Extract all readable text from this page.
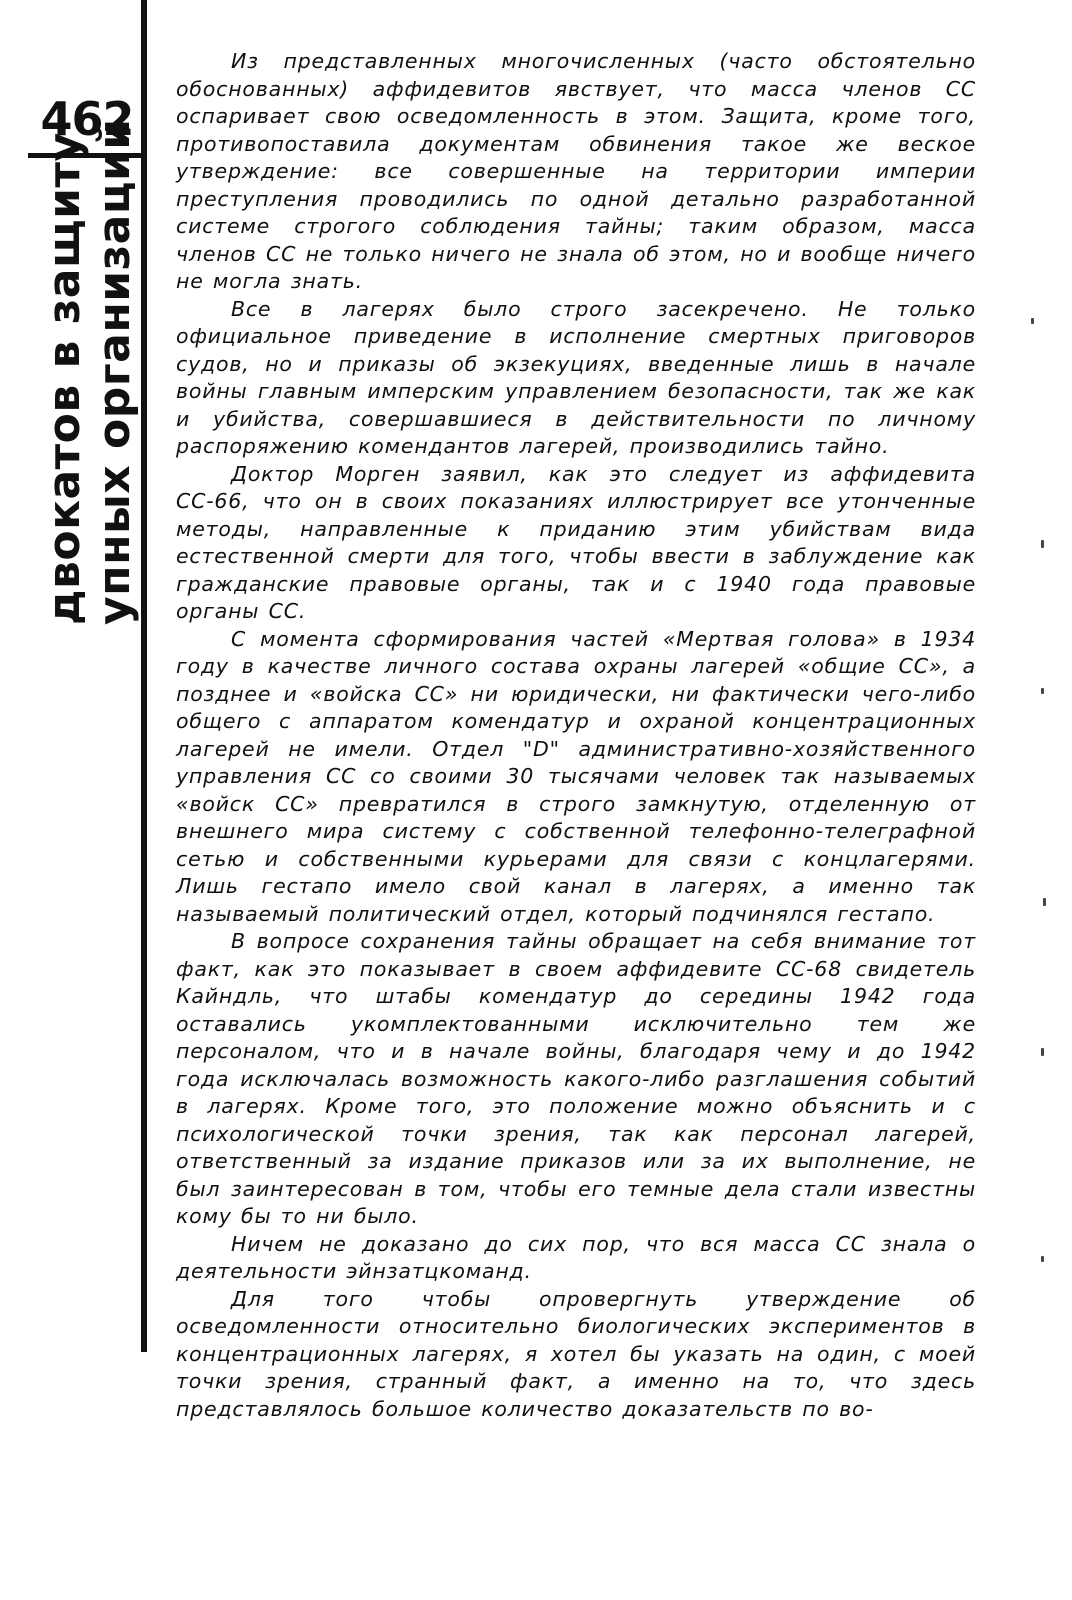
462
двокатов в защиту упных организаций

Из представленных многочисленных (часто обстоятельно обоснованных) аффидевитов явствует, что масса членов СС оспаривает свою осведомленность в этом. Защита, кроме того, противопоставила документам обвинения такое же веское утверждение: все совершенные на территории империи преступления проводились по одной детально разработанной системе строгого соблюдения тайны; таким образом, масса членов СС не только ничего не знала об этом, но и вообще ничего не могла знать.

Все в лагерях было строго засекречено. Не только официальное приведение в исполнение смертных приговоров судов, но и приказы об экзекуциях, введенные лишь в начале войны главным имперским управлением безопасности, так же как и убийства, совершавшиеся в действительности по личному распоряжению комендантов лагерей, производились тайно.

Доктор Морген заявил, как это следует из аффидевита СС-66, что он в своих показаниях иллюстрирует все утонченные методы, направленные к приданию этим убийствам вида естественной смерти для того, чтобы ввести в заблуждение как гражданские правовые органы, так и с 1940 года правовые органы СС.

С момента сформирования частей «Мертвая голова» в 1934 году в качестве личного состава охраны лагерей «общие СС», а позднее и «войска СС» ни юридически, ни фактически чего-либо общего с аппаратом комендатур и охраной концентрационных лагерей не имели. Отдел "D" административно-хозяйственного управления СС со своими 30 тысячами человек так называемых «войск СС» превратился в строго замкнутую, отделенную от внешнего мира систему с собственной телефонно-телеграфной сетью и собственными курьерами для связи с концлагерями. Лишь гестапо имело свой канал в лагерях, а именно так называемый политический отдел, который подчинялся гестапо.

В вопросе сохранения тайны обращает на себя внимание тот факт, как это показывает в своем аффидевите СС-68 свидетель Кайндль, что штабы комендатур до середины 1942 года оставались укомплектованными исключительно тем же персоналом, что и в начале войны, благодаря чему и до 1942 года исключалась возможность какого-либо разглашения событий в лагерях. Кроме того, это положение можно объяснить и с психологической точки зрения, так как персонал лагерей, ответственный за издание приказов или за их выполнение, не был заинтересован в том, чтобы его темные дела стали известны кому бы то ни было.

Ничем не доказано до сих пор, что вся масса СС знала о деятельности эйнзатцкоманд.

Для того чтобы опровергнуть утверждение об осведомленности относительно биологических экспериментов в концентрационных лагерях, я хотел бы указать на один, с моей точки зрения, странный факт, а именно на то, что здесь представлялось большое количество доказательств по во-
